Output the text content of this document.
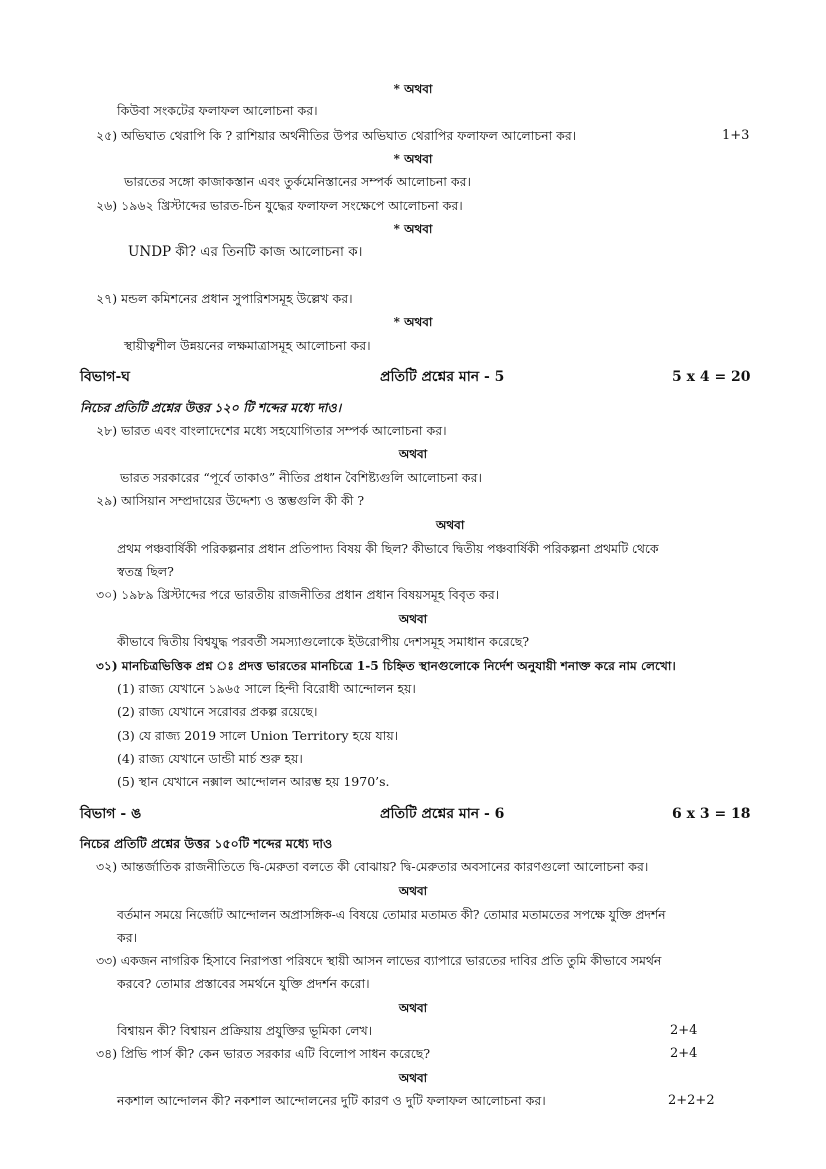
* অথবা
কিউবা সংকটের ফলাফল আলোচনা কর।
২৫) অভিঘাত থেরাপি কি ? রাশিয়ার অর্থনীতির উপর অভিঘাত থেরাপির ফলাফল আলোচনা কর।	1+3
* অথবা
ভারতের সঙ্গো কাজাকস্তান এবং তুর্কমেনিস্তানের সম্পর্ক আলোচনা কর।
২৬) ১৯৬২ খ্রিস্টাব্দের ভারত-চিন যুদ্ধের ফলাফল সংক্ষেপে আলোচনা কর।
* অথবা
UNDP কী? এর তিনটি কাজ আলোচনা ক।
২৭) মন্ডল কমিশনের প্রধান সুপারিশসমূহ উল্লেখ কর।
* অথবা
স্থায়ীত্বশীল উন্নয়নের লক্ষমাত্রাসমূহ আলোচনা কর।
বিভাগ-ঘ	প্রতিটি প্রশ্নের মান - 5	5 x 4 = 20
নিচের প্রতিটি প্রশ্নের উত্তর ১২০ টি শব্দের মধ্যে দাও।
২৮) ভারত এবং বাংলাদেশের মধ্যে সহযোগিতার সম্পর্ক আলোচনা কর।
অথবা
ভারত সরকারের “পূর্বে তাকাও” নীতির প্রধান বৈশিষ্ট্যগুলি আলোচনা কর।
২৯) আসিয়ান সম্প্রদায়ের উদ্দেশ্য ও স্তম্ভগুলি কী কী ?
অথবা
প্রথম পঞ্চবার্ষিকী পরিকল্পনার প্রধান প্রতিপাদ্য বিষয় কী ছিল? কীভাবে দ্বিতীয় পঞ্চবার্ষিকী পরিকল্পনা প্রথমটি থেকে
স্বতন্ত্র ছিল?
৩০) ১৯৮৯ খ্রিস্টাব্দের পরে ভারতীয় রাজনীতির প্রধান প্রধান বিষয়সমূহ বিবৃত কর।
অথবা
কীভাবে দ্বিতীয় বিশ্বযুদ্ধ পরবর্তী সমস্যাগুলোকে ইউরোপীয় দেশসমূহ সমাধান করেছে?
৩১) মানচিত্রভিত্তিক প্রশ্ন ঃ প্রদত্ত ভারতের মানচিত্রে 1-5 চিহ্নিত স্থানগুলোকে নির্দেশ অনুযায়ী শনাক্ত করে নাম লেখো।
(1) রাজ্য যেখানে ১৯৬৫ সালে হিন্দী বিরোধী আন্দোলন হয়।
(2) রাজ্য যেখানে সরোবর প্রকল্প রয়েছে।
(3) যে রাজ্য 2019 সালে Union Territory হয়ে যায়।
(4) রাজ্য যেখানে ডান্ডী মার্চ শুরু হয়।
(5) স্থান যেখানে নক্সাল আন্দোলন আরম্ভ হয় 1970’s.
বিভাগ - ঙ	প্রতিটি প্রশ্নের মান - 6	6 x 3 = 18
নিচের প্রতিটি প্রশ্নের উত্তর ১৫০টি শব্দের মধ্যে দাও
৩২) আন্তর্জাতিক রাজনীতিতে দ্বি-মেরুতা বলতে কী বোঝায়? দ্বি-মেরুতার অবসানের কারণগুলো আলোচনা কর।
অথবা
বর্তমান সময়ে নির্জোট আন্দোলন অপ্রাসঙ্গিক-এ বিষয়ে তোমার মতামত কী? তোমার মতামতের সপক্ষে যুক্তি প্রদর্শন
কর।
৩৩) একজন নাগরিক হিসাবে নিরাপত্তা পরিষদে স্থায়ী আসন লাভের ব্যাপারে ভারতের দাবির প্রতি তুমি কীভাবে সমর্থন
করবে? তোমার প্রস্তাবের সমর্থনে যুক্তি প্রদর্শন করো।
অথবা
বিশ্বায়ন কী? বিশ্বায়ন প্রক্রিয়ায় প্রযুক্তির ভূমিকা লেখ।	2+4
৩৪) প্রিভি পার্স কী? কেন ভারত সরকার এটি বিলোপ সাধন করেছে?	2+4
অথবা
নকশাল আন্দোলন কী? নকশাল আন্দোলনের দুটি কারণ ও দুটি ফলাফল আলোচনা কর।	2+2+2
